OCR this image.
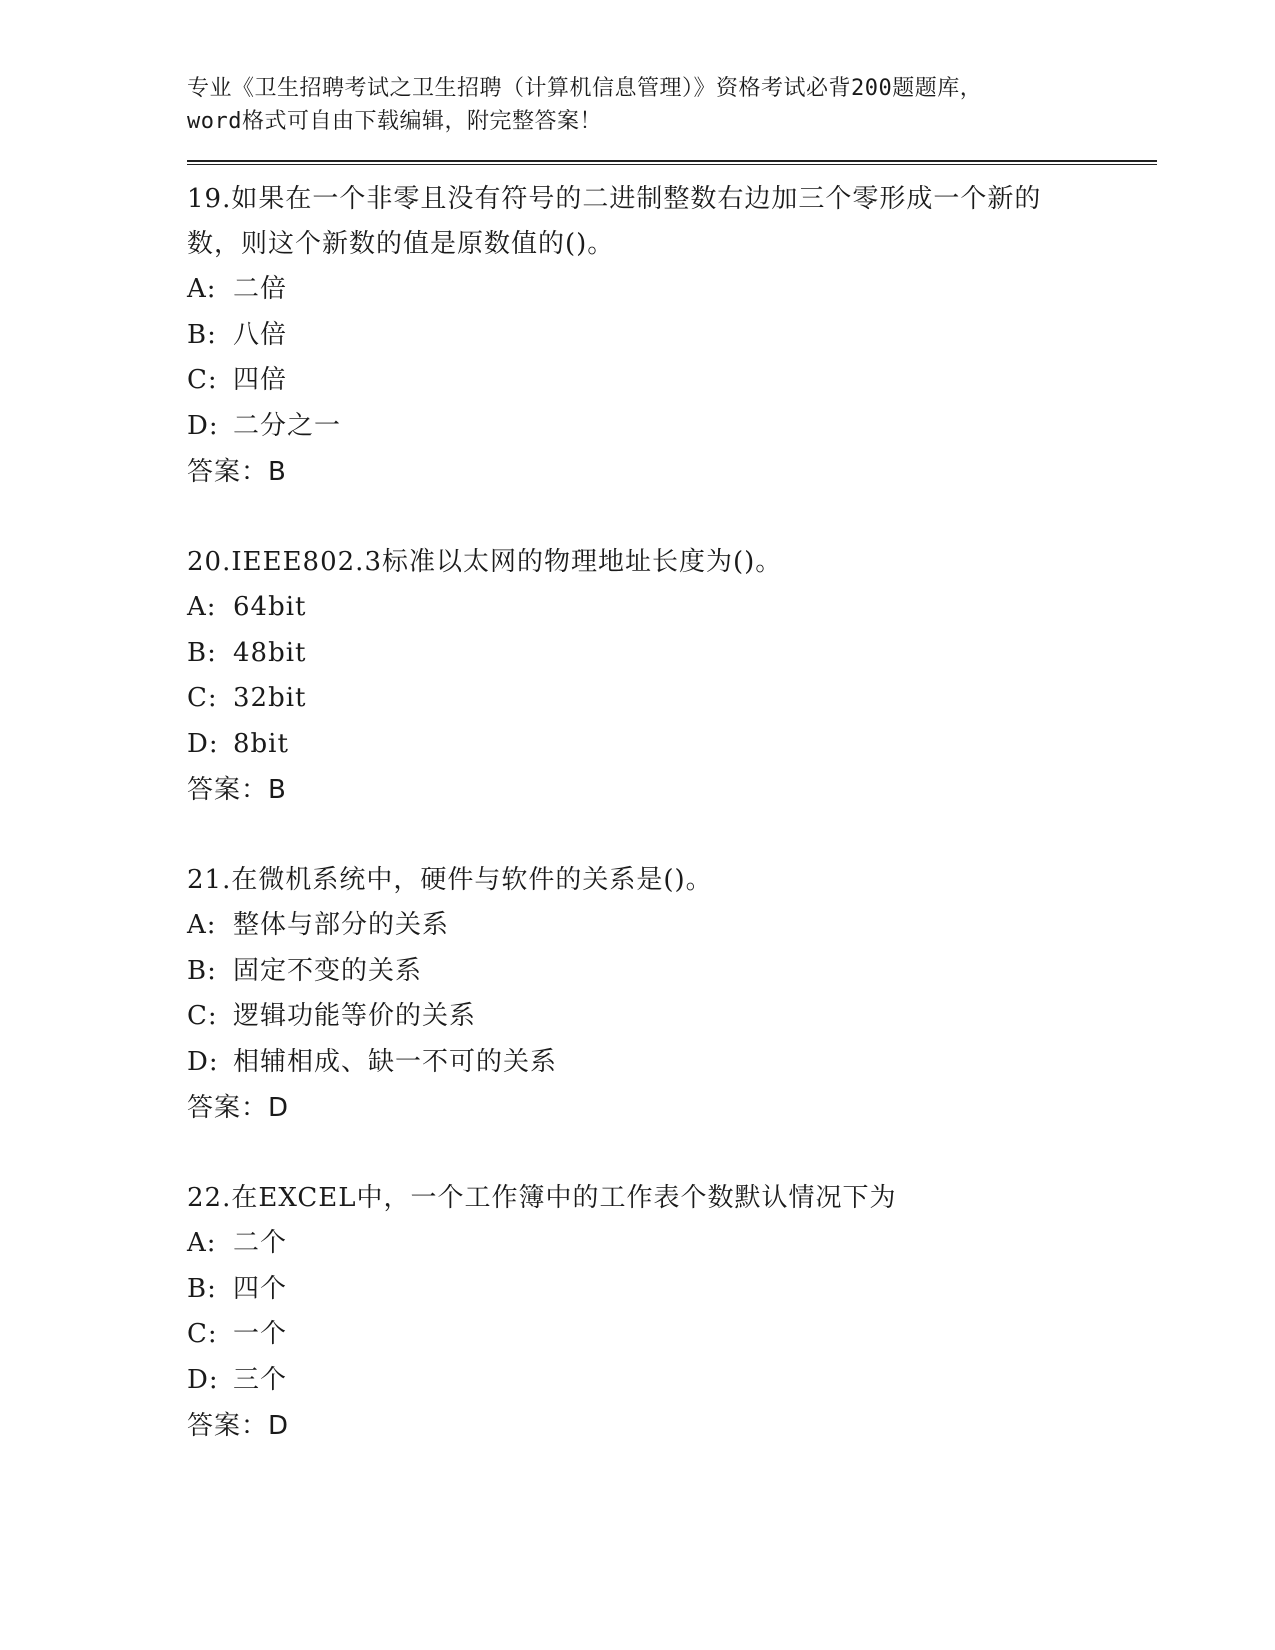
专业《卫生招聘考试之卫生招聘（计算机信息管理）》资格考试必背200题题库，
word格式可自由下载编辑，附完整答案！
19.如果在一个非零且没有符号的二进制整数右边加三个零形成一个新的数，则这个新数的值是原数值的()。
A: 二倍
B: 八倍
C: 四倍
D: 二分之一
答案：B
20.IEEE802.3标准以太网的物理地址长度为()。
A: 64bit
B: 48bit
C: 32bit
D: 8bit
答案：B
21.在微机系统中，硬件与软件的关系是()。
A: 整体与部分的关系
B: 固定不变的关系
C: 逻辑功能等价的关系
D: 相辅相成、缺一不可的关系
答案：D
22.在EXCEL中，一个工作簿中的工作表个数默认情况下为
A: 二个
B: 四个
C: 一个
D: 三个
答案：D
